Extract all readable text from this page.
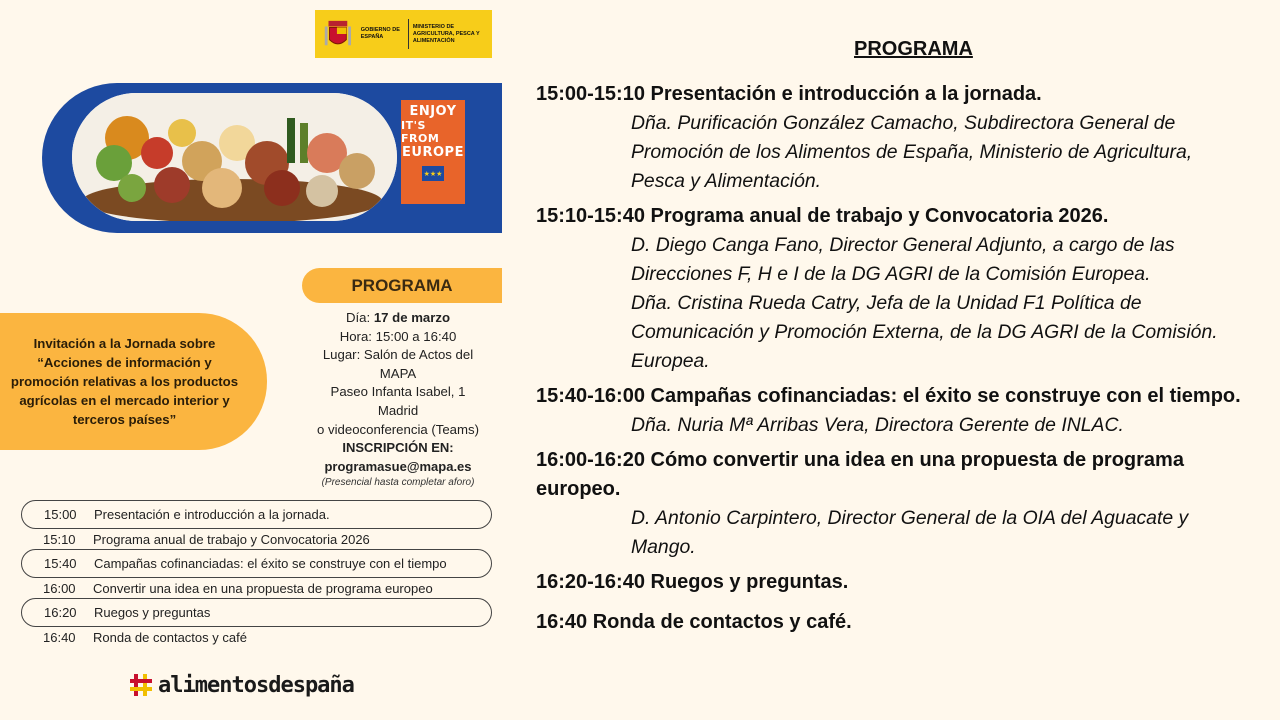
GOBIERNO DE ESPAÑA
MINISTERIO DE AGRICULTURA, PESCA Y ALIMENTACIÓN
ENJOY
IT'S FROM
EUROPE
★★★
PROGRAMA
Día: 17 de marzo
Hora: 15:00 a 16:40
Lugar: Salón de Actos del
MAPA
Paseo Infanta Isabel, 1
Madrid
o videoconferencia (Teams)
INSCRIPCIÓN EN:
programasue@mapa.es
(Presencial hasta completar aforo)
Invitación a la Jornada sobre “Acciones de información y promoción relativas a los productos agrícolas en el mercado interior y terceros países”
15:00	Presentación e introducción a la jornada.
15:10	Programa anual de trabajo y Convocatoria 2026
15:40	Campañas cofinanciadas: el éxito se construye con el tiempo
16:00	Convertir una idea en una propuesta de programa europeo
16:20	Ruegos y preguntas
16:40	Ronda de contactos y café
alimentosdespaña
PROGRAMA
15:00-15:10 Presentación e introducción a la jornada.
Dña. Purificación González Camacho, Subdirectora General de
Promoción de los Alimentos de España, Ministerio de Agricultura,
Pesca y Alimentación.
15:10-15:40 Programa anual de trabajo y Convocatoria 2026.
D. Diego Canga Fano, Director General Adjunto, a cargo de las
Direcciones F, H e I de la DG AGRI de la Comisión Europea.
Dña. Cristina Rueda Catry, Jefa de la Unidad F1 Política de
Comunicación y Promoción Externa, de la DG AGRI de la Comisión.
Europea.
15:40-16:00 Campañas cofinanciadas: el éxito se construye con el tiempo.
Dña. Nuria Mª Arribas Vera, Directora Gerente de INLAC.
16:00-16:20 Cómo convertir una idea en una propuesta de programa
europeo.
D. Antonio Carpintero, Director General de la OIA del Aguacate y
Mango.
16:20-16:40 Ruegos y preguntas.
16:40 Ronda de contactos y café.
